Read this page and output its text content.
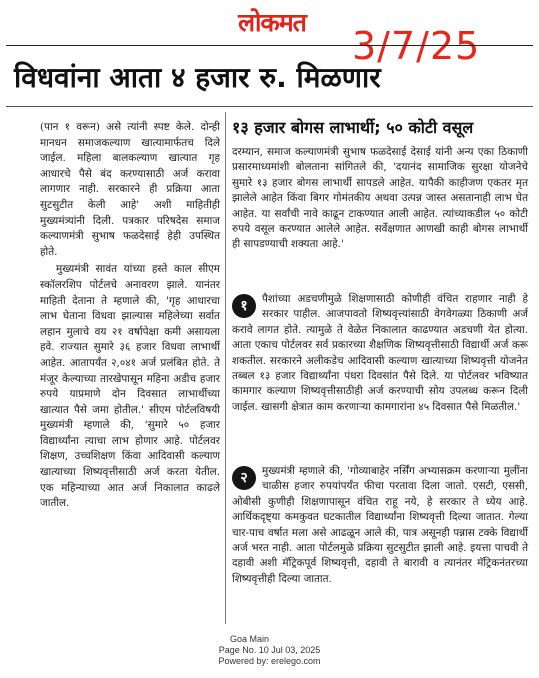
लोकमत
3/7/25
विधवांना आता ४ हजार रु. मिळणार

(पान १ वरून) असे त्यांनी स्पष्ट केले. दोन्ही मानधन समाजकल्याण खात्यामार्फतच दिले जाईल. महिला बालकल्याण खात्यात गृह आधारचे पैसे बंद करण्यासाठी अर्ज करावा लागणार नाही. सरकारने ही प्रक्रिया आता सुटसुटीत केली आहे' अशी माहितीही मुख्यमंत्र्यांनी दिली. पत्रकार परिषदेस समाज कल्याणमंत्री सुभाष फळदेसाई हेही उपस्थित होते.

मुख्यमंत्री सावंत यांच्या हस्ते काल सीएम स्कॉलरशिप पोर्टलचे अनावरण झाले. यानंतर माहिती देताना ते म्हणाले की, 'गृह आधारचा लाभ घेताना विधवा झाल्यास महिलेच्या सर्वात लहान मुलाचे वय २१ वर्षापेक्षा कमी असायला हवे. राज्यात सुमारे ३६ हजार विधवा लाभार्थी आहेत. आतापर्यंत २,०४१ अर्ज प्रलंबित होते. ते मंजूर केल्याच्या तारखेपासून महिना अडीच हजार रुपये याप्रमाणे दोन दिवसात लाभार्थीच्या खात्यात पैसे जमा होतील.' सीएम पोर्टलविषयी मुख्यमंत्री म्हणाले की, 'सुमारे ५० हजार विद्यार्थ्यांना त्याचा लाभ होणार आहे. पोर्टलवर शिक्षण, उच्चशिक्षण किंवा आदिवासी कल्याण खात्याच्या शिष्यवृत्तीसाठी अर्ज करता येतील. एक महिन्याच्या आत अर्ज निकालात काढले जातील.

१३ हजार बोगस लाभार्थी; ५० कोटी वसूल
दरम्यान, समाज कल्याणमंत्री सुभाष फळदेसाई देसाई यांनी अन्य एका ठिकाणी प्रसारमाध्यमांशी बोलताना सांगितले की, 'दयानंद सामाजिक सुरक्षा योजनेचे सुमारे १३ हजार बोगस लाभार्थी सापडले आहेत. यापैकी काहीजण एकतर मृत झालेले आहेत किंवा बिगर गोमंतकीय अथवा उत्पन्न जास्त असतानाही लाभ घेत आहेत. या सर्वांची नावे काढून टाकण्यात आली आहेत. त्यांच्याकडील ५० कोटी रुपये वसूल करण्यात आलेले आहेत. सर्वेक्षणात आणखी काही बोगस लाभार्थी ही सापडण्याची शक्यता आहे.'
१	पैशांच्या अडचणीमुळे शिक्षणासाठी कोणीही वंचित राहणार नाही हे सरकार पाहील. आजपावतो शिष्यवृत्त्यांसाठी वेगवेगळ्या ठिकाणी अर्ज करावे लागत होते. त्यामुळे ते वेळेत निकालात काढण्यात अडचणी येत होत्या. आता एकाच पोर्टलवर सर्व प्रकारच्या शैक्षणिक शिष्यवृत्तीसाठी विद्यार्थी अर्ज करू शकतील. सरकारने अलीकडेच आदिवासी कल्याण खात्याच्या शिष्यवृत्ती योजनेत तब्बल १३ हजार विद्यार्थ्यांना पंधरा दिवसांत पैसे दिले. या पोर्टलवर भविष्यात कामगार कल्याण शिष्यवृत्तीसाठीही अर्ज करण्याची सोय उपलब्ध करून दिली जाईल. खासगी क्षेत्रात काम करणाऱ्या कामगारांना ४५ दिवसात पैसे मिळतील.'
२	मुख्यमंत्री म्हणाले की, 'गोव्याबाहेर नर्सिंग अभ्यासक्रम करणाऱ्या मुलींना चाळीस हजार रुपयांपर्यंत फीचा परतावा दिला जातो. एसटी, एससी, ओबीसी कुणीही शिक्षणापासून वंचित राहू नये, हे सरकार ते ध्येय आहे. आर्थिकदृष्ट्या कमकुवत घटकातील विद्यार्थ्यांना शिष्यवृत्ती दिल्या जातात. गेल्या चार-पाच वर्षात मला असे आढळून आले की, पात्र असूनही पन्नास टक्के विद्यार्थी अर्ज भरत नाही. आता पोर्टलमुळे प्रक्रिया सुटसुटीत झाली आहे. इयत्ता पाचवी ते दहावी अशी मॅट्रिकपूर्व शिष्यवृत्ती, दहावी ते बारावी व त्यानंतर मॅट्रिकनंतरच्या शिष्यवृत्तीही दिल्या जातात.
Goa Main
Page No. 10 Jul 03, 2025
Powered by: erelego.com
